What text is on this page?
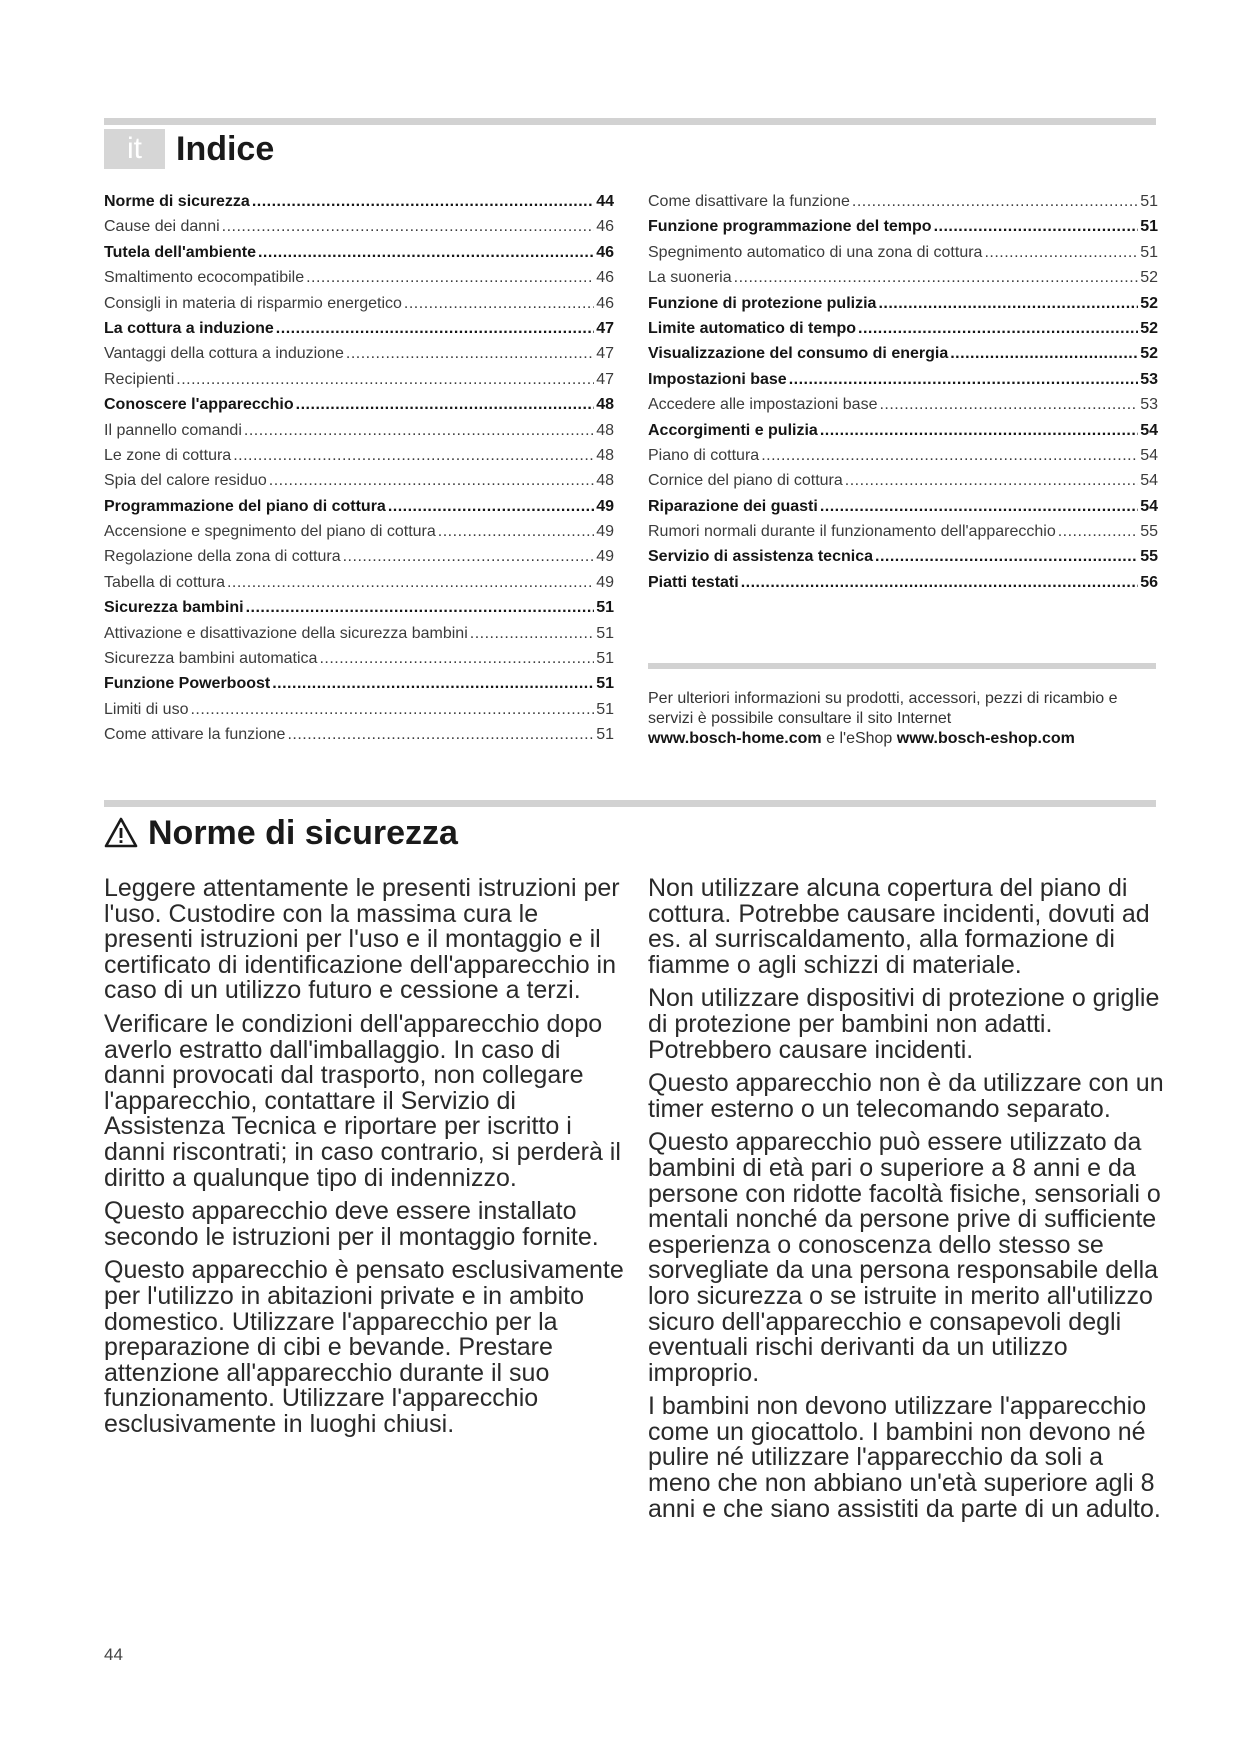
it	Indice
Norme di sicurezza .....	44
Cause dei danni .....	46
Tutela dell'ambiente .....	46
Smaltimento ecocompatibile .....	46
Consigli in materia di risparmio energetico .....	46
La cottura a induzione .....	47
Vantaggi della cottura a induzione .....	47
Recipienti .....	47
Conoscere l'apparecchio .....	48
Il pannello comandi .....	48
Le zone di cottura .....	48
Spia del calore residuo .....	48
Programmazione del piano di cottura .....	49
Accensione e spegnimento del piano di cottura .....	49
Regolazione della zona di cottura .....	49
Tabella di cottura .....	49
Sicurezza bambini .....	51
Attivazione e disattivazione della sicurezza bambini .....	51
Sicurezza bambini automatica .....	51
Funzione Powerboost .....	51
Limiti di uso .....	51
Come attivare la funzione .....	51
Come disattivare la funzione .....	51
Funzione programmazione del tempo .....	51
Spegnimento automatico di una zona di cottura .....	51
La suoneria .....	52
Funzione di protezione pulizia .....	52
Limite automatico di tempo .....	52
Visualizzazione del consumo di energia .....	52
Impostazioni base .....	53
Accedere alle impostazioni base .....	53
Accorgimenti e pulizia .....	54
Piano di cottura .....	54
Cornice del piano di cottura .....	54
Riparazione dei guasti .....	54
Rumori normali durante il funzionamento dell'apparecchio .....	55
Servizio di assistenza tecnica .....	55
Piatti testati .....	56
Per ulteriori informazioni su prodotti, accessori, pezzi di ricambio e servizi è possibile consultare il sito Internet
www.bosch-home.com e l'eShop www.bosch-eshop.com
Norme di sicurezza

Leggere attentamente le presenti istruzioni per l'uso. Custodire con la massima cura le presenti istruzioni per l'uso e il montaggio e il certificato di identificazione dell'apparecchio in caso di un utilizzo futuro e cessione a terzi.

Verificare le condizioni dell'apparecchio dopo averlo estratto dall'imballaggio. In caso di danni provocati dal trasporto, non collegare l'apparecchio, contattare il Servizio di Assistenza Tecnica e riportare per iscritto i danni riscontrati; in caso contrario, si perderà il diritto a qualunque tipo di indennizzo.

Questo apparecchio deve essere installato secondo le istruzioni per il montaggio fornite.

Questo apparecchio è pensato esclusivamente per l'utilizzo in abitazioni private e in ambito domestico. Utilizzare l'apparecchio per la preparazione di cibi e bevande. Prestare attenzione all'apparecchio durante il suo funzionamento. Utilizzare l'apparecchio esclusivamente in luoghi chiusi.

Non utilizzare alcuna copertura del piano di cottura. Potrebbe causare incidenti, dovuti ad es. al surriscaldamento, alla formazione di fiamme o agli schizzi di materiale.

Non utilizzare dispositivi di protezione o griglie di protezione per bambini non adatti. Potrebbero causare incidenti.

Questo apparecchio non è da utilizzare con un timer esterno o un telecomando separato.

Questo apparecchio può essere utilizzato da bambini di età pari o superiore a 8 anni e da persone con ridotte facoltà fisiche, sensoriali o mentali nonché da persone prive di sufficiente esperienza o conoscenza dello stesso se sorvegliate da una persona responsabile della loro sicurezza o se istruite in merito all'utilizzo sicuro dell'apparecchio e consapevoli degli eventuali rischi derivanti da un utilizzo improprio.

I bambini non devono utilizzare l'apparecchio come un giocattolo. I bambini non devono né pulire né utilizzare l'apparecchio da soli a meno che non abbiano un'età superiore agli 8 anni e che siano assistiti da parte di un adulto.

44
